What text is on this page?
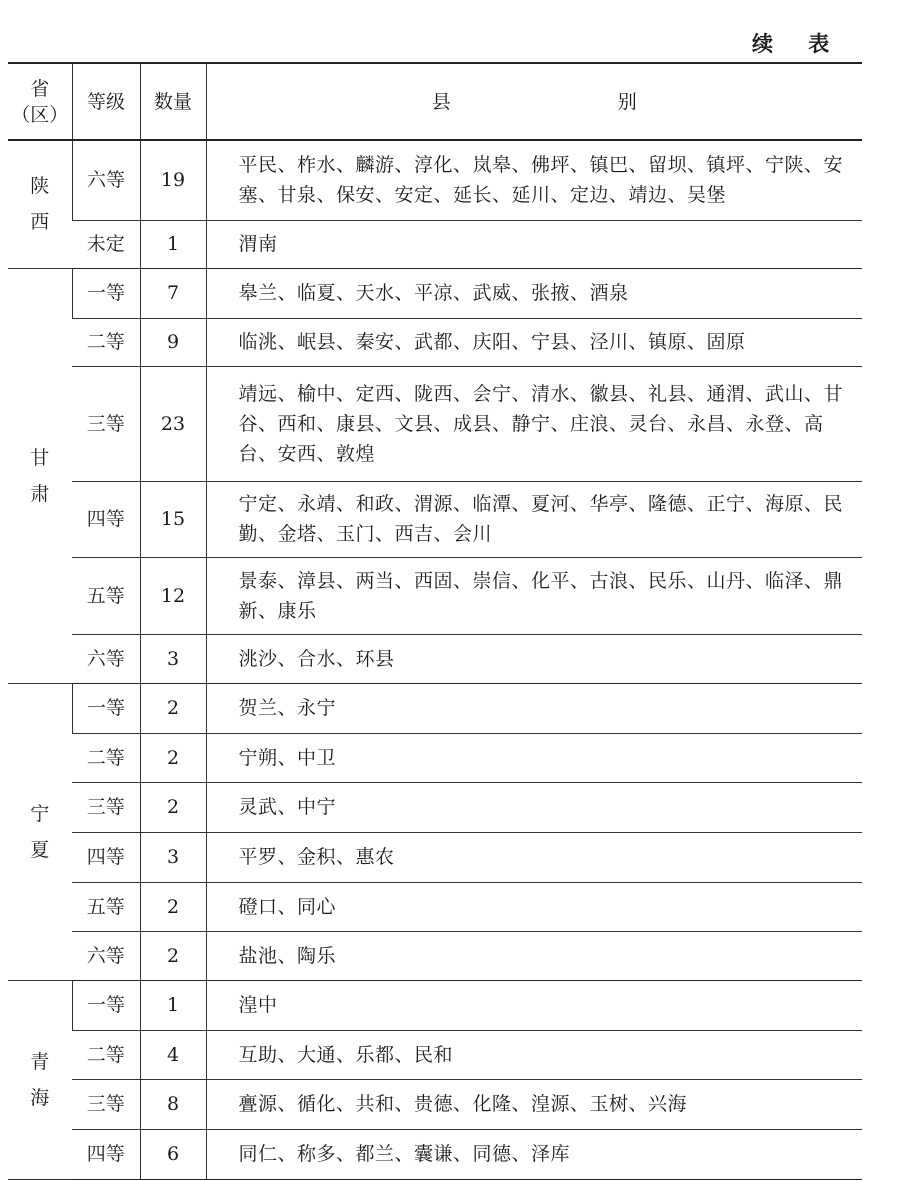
续 表
省
（区）	等级	数量	县 别

陕
西	六等	19	平民、柞水、麟游、淳化、岚皋、佛坪、镇巴、留坝、镇坪、宁陕、安塞、甘泉、保安、安定、延长、延川、定边、靖边、吴堡
	未定	1	渭南

甘
肃	一等	7	皋兰、临夏、天水、平凉、武威、张掖、酒泉
	二等	9	临洮、岷县、秦安、武都、庆阳、宁县、泾川、镇原、固原
	三等	23	靖远、榆中、定西、陇西、会宁、清水、徽县、礼县、通渭、武山、甘谷、西和、康县、文县、成县、静宁、庄浪、灵台、永昌、永登、高台、安西、敦煌
	四等	15	宁定、永靖、和政、渭源、临潭、夏河、华亭、隆德、正宁、海原、民勤、金塔、玉门、西吉、会川
	五等	12	景泰、漳县、两当、西固、崇信、化平、古浪、民乐、山丹、临泽、鼎新、康乐
	六等	3	洮沙、合水、环县

宁
夏	一等	2	贺兰、永宁
	二等	2	宁朔、中卫
	三等	2	灵武、中宁
	四等	3	平罗、金积、惠农
	五等	2	磴口、同心
	六等	2	盐池、陶乐

青
海	一等	1	湟中
	二等	4	互助、大通、乐都、民和
	三等	8	亹源、循化、共和、贵德、化隆、湟源、玉树、兴海
	四等	6	同仁、称多、都兰、囊谦、同德、泽库
